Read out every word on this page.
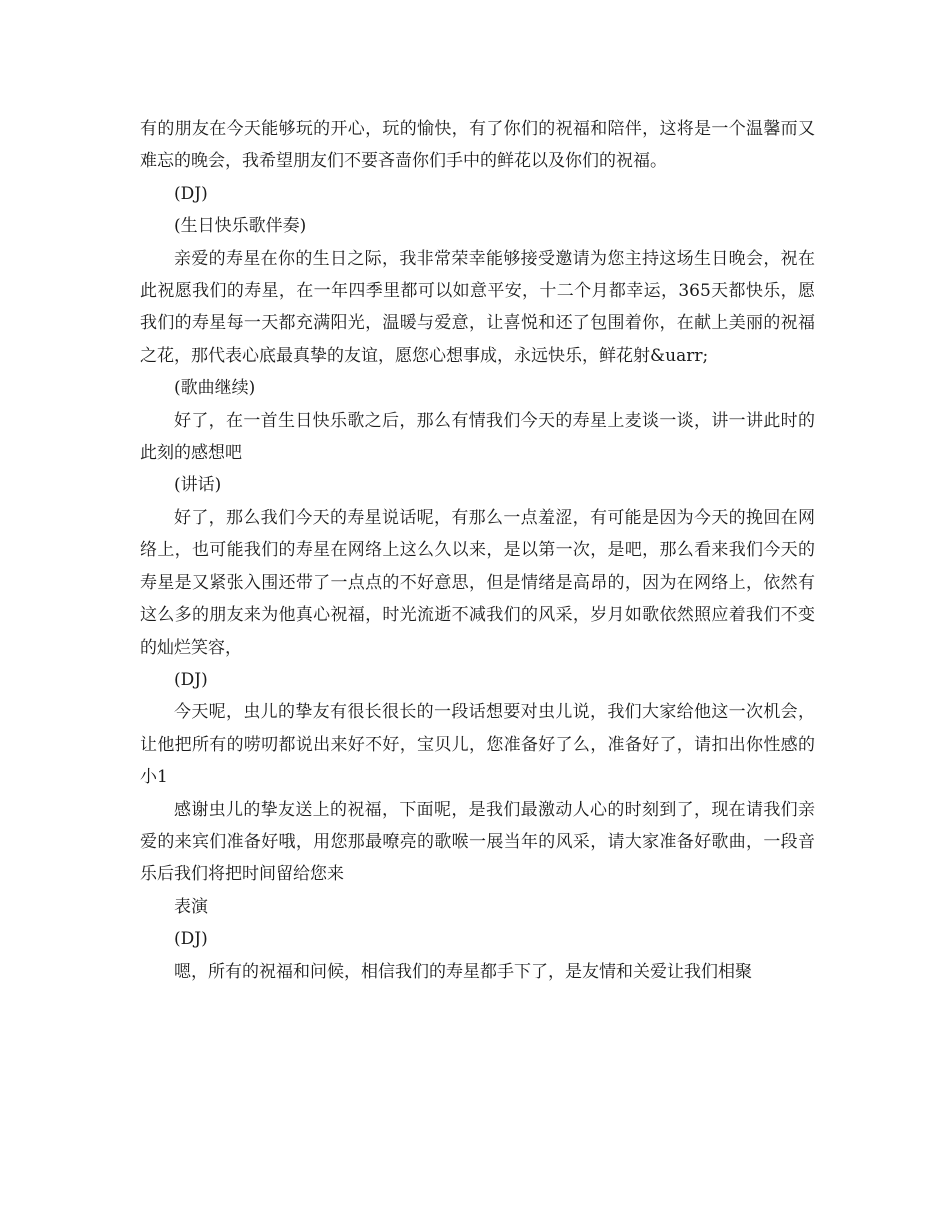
有的朋友在今天能够玩的开心，玩的愉快，有了你们的祝福和陪伴，这将是一个温馨而又难忘的晚会，我希望朋友们不要吝啬你们手中的鲜花以及你们的祝福。

(DJ)

(生日快乐歌伴奏)

亲爱的寿星在你的生日之际，我非常荣幸能够接受邀请为您主持这场生日晚会，祝在此祝愿我们的寿星，在一年四季里都可以如意平安，十二个月都幸运，365天都快乐，愿我们的寿星每一天都充满阳光，温暖与爱意，让喜悦和还了包围着你，在献上美丽的祝福之花，那代表心底最真挚的友谊，愿您心想事成，永远快乐，鲜花射&uarr;

(歌曲继续)

好了，在一首生日快乐歌之后，那么有情我们今天的寿星上麦谈一谈，讲一讲此时的此刻的感想吧

(讲话)

好了，那么我们今天的寿星说话呢，有那么一点羞涩，有可能是因为今天的挽回在网络上，也可能我们的寿星在网络上这么久以来，是以第一次，是吧，那么看来我们今天的寿星是又紧张入围还带了一点点的不好意思，但是情绪是高昂的，因为在网络上，依然有这么多的朋友来为他真心祝福，时光流逝不减我们的风采，岁月如歌依然照应着我们不变的灿烂笑容，

(DJ)

今天呢，虫儿的挚友有很长很长的一段话想要对虫儿说，我们大家给他这一次机会，让他把所有的唠叨都说出来好不好，宝贝儿，您准备好了么，准备好了，请扣出你性感的小1

感谢虫儿的挚友送上的祝福，下面呢，是我们最激动人心的时刻到了，现在请我们亲爱的来宾们准备好哦，用您那最嘹亮的歌喉一展当年的风采，请大家准备好歌曲，一段音乐后我们将把时间留给您来

表演

(DJ)

嗯，所有的祝福和问候，相信我们的寿星都手下了，是友情和关爱让我们相聚
